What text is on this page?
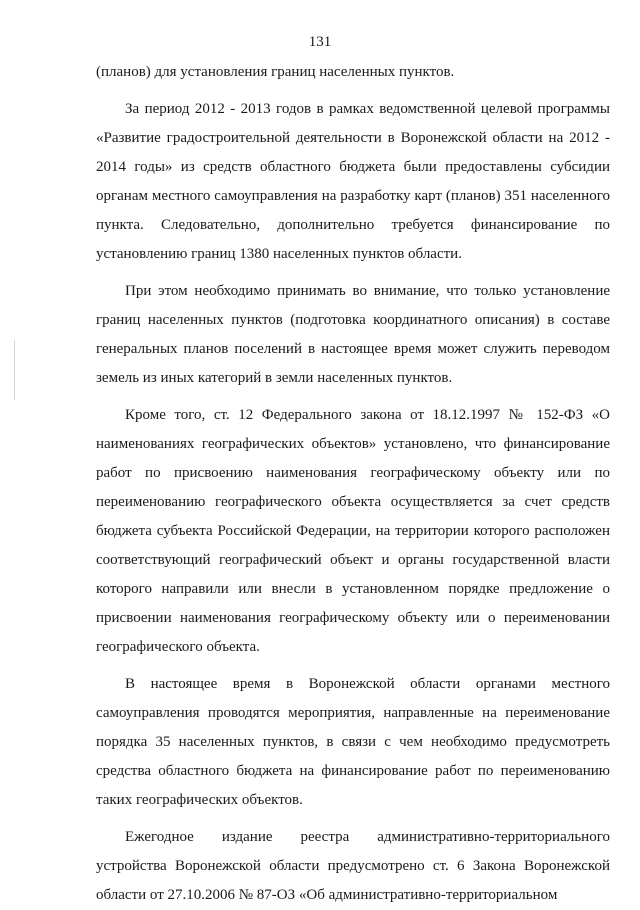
131

(планов) для установления границ населенных пунктов.

За период 2012 - 2013 годов в рамках ведомственной целевой программы «Развитие градостроительной деятельности в Воронежской области на 2012 - 2014 годы» из средств областного бюджета были предоставлены субсидии органам местного самоуправления на разработку карт (планов) 351 населенного пункта. Следовательно, дополнительно требуется финансирование по установлению границ 1380 населенных пунктов области.

При этом необходимо принимать во внимание, что только установление границ населенных пунктов (подготовка координатного описания) в составе генеральных планов поселений в настоящее время может служить переводом земель из иных категорий в земли населенных пунктов.

Кроме того, ст. 12 Федерального закона от 18.12.1997 № 152-ФЗ «О наименованиях географических объектов» установлено, что финансирование работ по присвоению наименования географическому объекту или по переименованию географического объекта осуществляется за счет средств бюджета субъекта Российской Федерации, на территории которого расположен соответствующий географический объект и органы государственной власти которого направили или внесли в установленном порядке предложение о присвоении наименования географическому объекту или о переименовании географического объекта.

В настоящее время в Воронежской области органами местного самоуправления проводятся мероприятия, направленные на переименование порядка 35 населенных пунктов, в связи с чем необходимо предусмотреть средства областного бюджета на финансирование работ по переименованию таких географических объектов.

Ежегодное издание реестра административно-территориального устройства Воронежской области предусмотрено ст. 6 Закона Воронежской области от 27.10.2006 № 87-ОЗ «Об административно-территориальном
